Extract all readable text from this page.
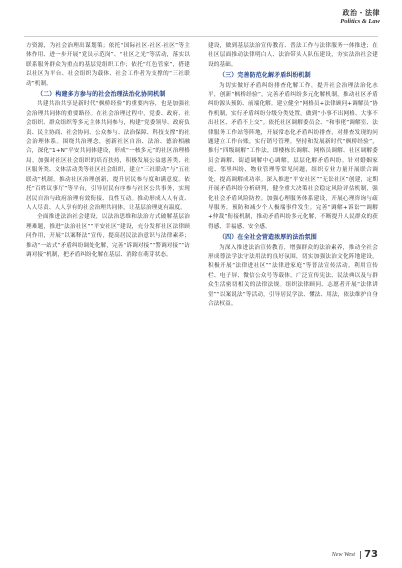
政治・法律
Politics & Law

方资源，为社会治理出谋划策；依托“国际社区·社区·社区”等主体作用、进一步开展“党员示范岗”、“社区之光”等活动，落实以联系服务群众为重点的基层党组织工作；依托“红色管家”，搭建以社区为平台、社会组织为载体、社会工作者为支撑的“三社联动”机制。

（二）构建多方参与的社会治理法治化协同机制

共建共治共享是新时代“枫桥经验”的重要内容，也是加强社会治理共同体的重要路径。在社会治理过程中，党委、政府、社会组织、群众组织等多元主体共同参与，构建“党委领导、政府负责、民主协商、社会协同、公众参与、法治保障、科技支撑”的社会治理体系。围绕共治理念，创新社区自治、法治、德治相融合，深化“1+N”平安共同体建设，形成“一核多元”的社区治理格局。加强对社区社会组织的培育扶持，积极发展公益慈善类、社区服务类、文体活动类等社区社会组织，建立“三社联动”与“五社联动”机制，推动社区治理创新，提升居民参与度和满意度。依托“百姓议事厅”等平台，引导居民有序参与社区公共事务，实现居民自治与政府治理有效衔接、良性互动。推动形成人人有责、人人尽责、人人享有的社会治理共同体，让基层治理更有温度。

全面推进法治社会建设，以法治思维和法治方式破解基层治理难题，推进“法治社区”“平安社区”建设，充分发挥社区法律顾问作用，开展“以案释法”宣传，提高居民法治意识与法律素养；推动“一站式”矛盾纠纷调处化解，完善“诉调对接”“警调对接”“访调对接”机制，把矛盾纠纷化解在基层、消除在萌芽状态。

建设，做到基层法治宣传教育、普法工作与法律服务一体推进；在社区层面推动法律明白人、法治带头人队伍建设，夯实法治社会建设的基础。

（三）完善防范化解矛盾纠纷机制

为切实做好矛盾纠纷排查化解工作，提升社会治理法治化水平，创新“枫桥经验”，完善矛盾纠纷多元化解机制，推动社区矛盾纠纷源头预防、前端化解。建立健全“网格员+法律顾问+调解员”协作机制，实行矛盾纠纷分级分类处置，做到“小事不出网格、大事不出社区、矛盾不上交”。依托社区调解委员会、“和事佬”调解室、法律服务工作站等阵地，开展常态化矛盾纠纷排查，对排查发现的问题建立工作台账，实行销号管理。坚持和发展新时代“枫桥经验”，推行“四级调解”工作法，即楼栋长调解、网格员调解、社区调解委员会调解、街道调解中心调解，层层化解矛盾纠纷。针对婚姻家庭、邻里纠纷、物业管理等常见问题，组织专业力量开展联合调处，提高调解成功率。深入推进“平安社区”“无讼社区”创建，定期开展矛盾纠纷分析研判，健全重大决策社会稳定风险评估机制，强化社会矛盾风险防控。加强心理服务体系建设，开展心理咨询与疏导服务，预防和减少个人极端事件发生。完善“调解+诉讼”“调解+仲裁”衔接机制，推动矛盾纠纷多元化解，不断提升人民群众的获得感、幸福感、安全感。

（四）在全社会营造浓厚的法治氛围

为深入推进法治宣传教育，增强群众的法治素养，推动全社会形成尊法学法守法用法的良好氛围，切实加强法治文化阵地建设。积极开展“法律进社区”“法律进家庭”等普法宣传活动，利用宣传栏、电子屏、微信公众号等载体，广泛宣传宪法、民法典以及与群众生活密切相关的法律法规。组织法律顾问、志愿者开展“法律讲堂”“以案说法”等活动，引导居民学法、懂法、用法，依法维护自身合法权益。

New West 73
